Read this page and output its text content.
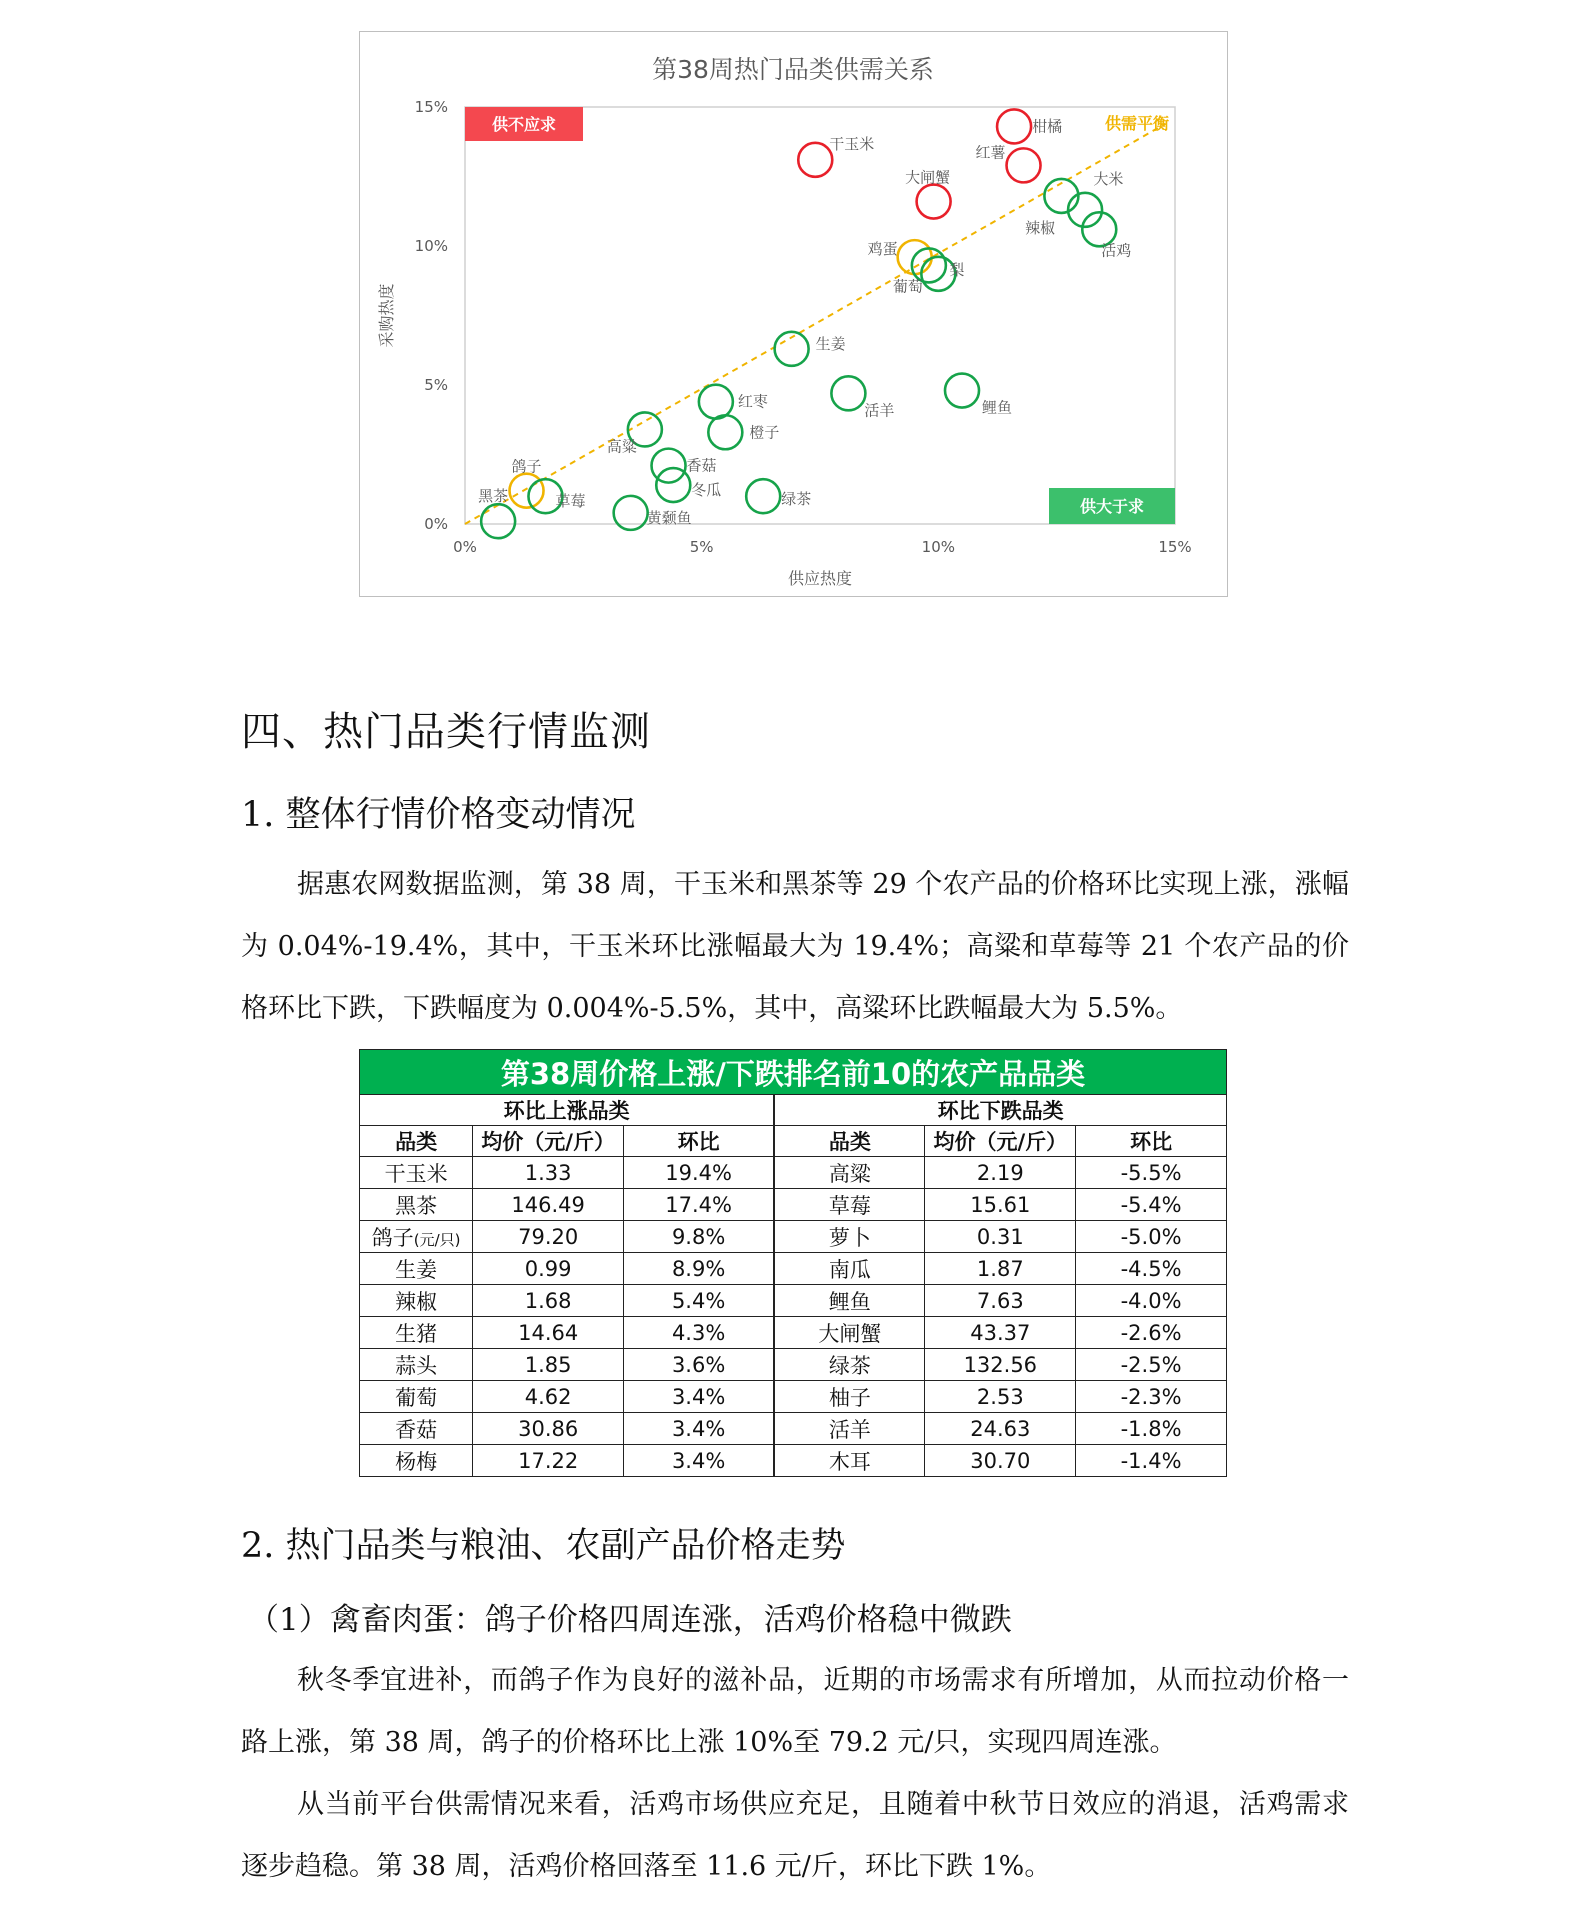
第38周热门品类供需关系
0%
0%
5%
5%
10%
10%
15%
15%
供应热度
采购热度
供需平衡
供不应求
供大于求
柑橘
干玉米	红薯
大闸蟹	大米
辣椒
活鸡
鸡蛋
葡萄
梨
生姜
红枣	活羊	鲤鱼
橙子
高粱
香菇
冬瓜
绿茶
鸽子
黑茶	草莓
黄颡鱼
四、热门品类行情监测
1. 整体行情价格变动情况
据惠农网数据监测，第 38 周，干玉米和黑茶等 29 个农产品的价格环比实现上涨，涨幅为 0.04%-19.4%，其中，干玉米环比涨幅最大为 19.4%；高粱和草莓等 21 个农产品的价格环比下跌，下跌幅度为 0.004%-5.5%，其中，高粱环比跌幅最大为 5.5%。
第38周价格上涨/下跌排名前10的农产品品类					
环比上涨品类			环比下跌品类		
品类	均价（元/斤）	环比	品类	均价（元/斤）	环比
干玉米	1.33	19.4%	高粱	2.19	-5.5%
黑茶	146.49	17.4%	草莓	15.61	-5.4%
鸽子(元/只)	79.20	9.8%	萝卜	0.31	-5.0%
生姜	0.99	8.9%	南瓜	1.87	-4.5%
辣椒	1.68	5.4%	鲤鱼	7.63	-4.0%
生猪	14.64	4.3%	大闸蟹	43.37	-2.6%
蒜头	1.85	3.6%	绿茶	132.56	-2.5%
葡萄	4.62	3.4%	柚子	2.53	-2.3%
香菇	30.86	3.4%	活羊	24.63	-1.8%
杨梅	17.22	3.4%	木耳	30.70	-1.4%
2. 热门品类与粮油、农副产品价格走势
（1）禽畜肉蛋：鸽子价格四周连涨，活鸡价格稳中微跌
秋冬季宜进补，而鸽子作为良好的滋补品，近期的市场需求有所增加，从而拉动价格一路上涨，第 38 周，鸽子的价格环比上涨 10%至 79.2 元/只，实现四周连涨。
从当前平台供需情况来看，活鸡市场供应充足，且随着中秋节日效应的消退，活鸡需求逐步趋稳。第 38 周，活鸡价格回落至 11.6 元/斤，环比下跌 1%。
